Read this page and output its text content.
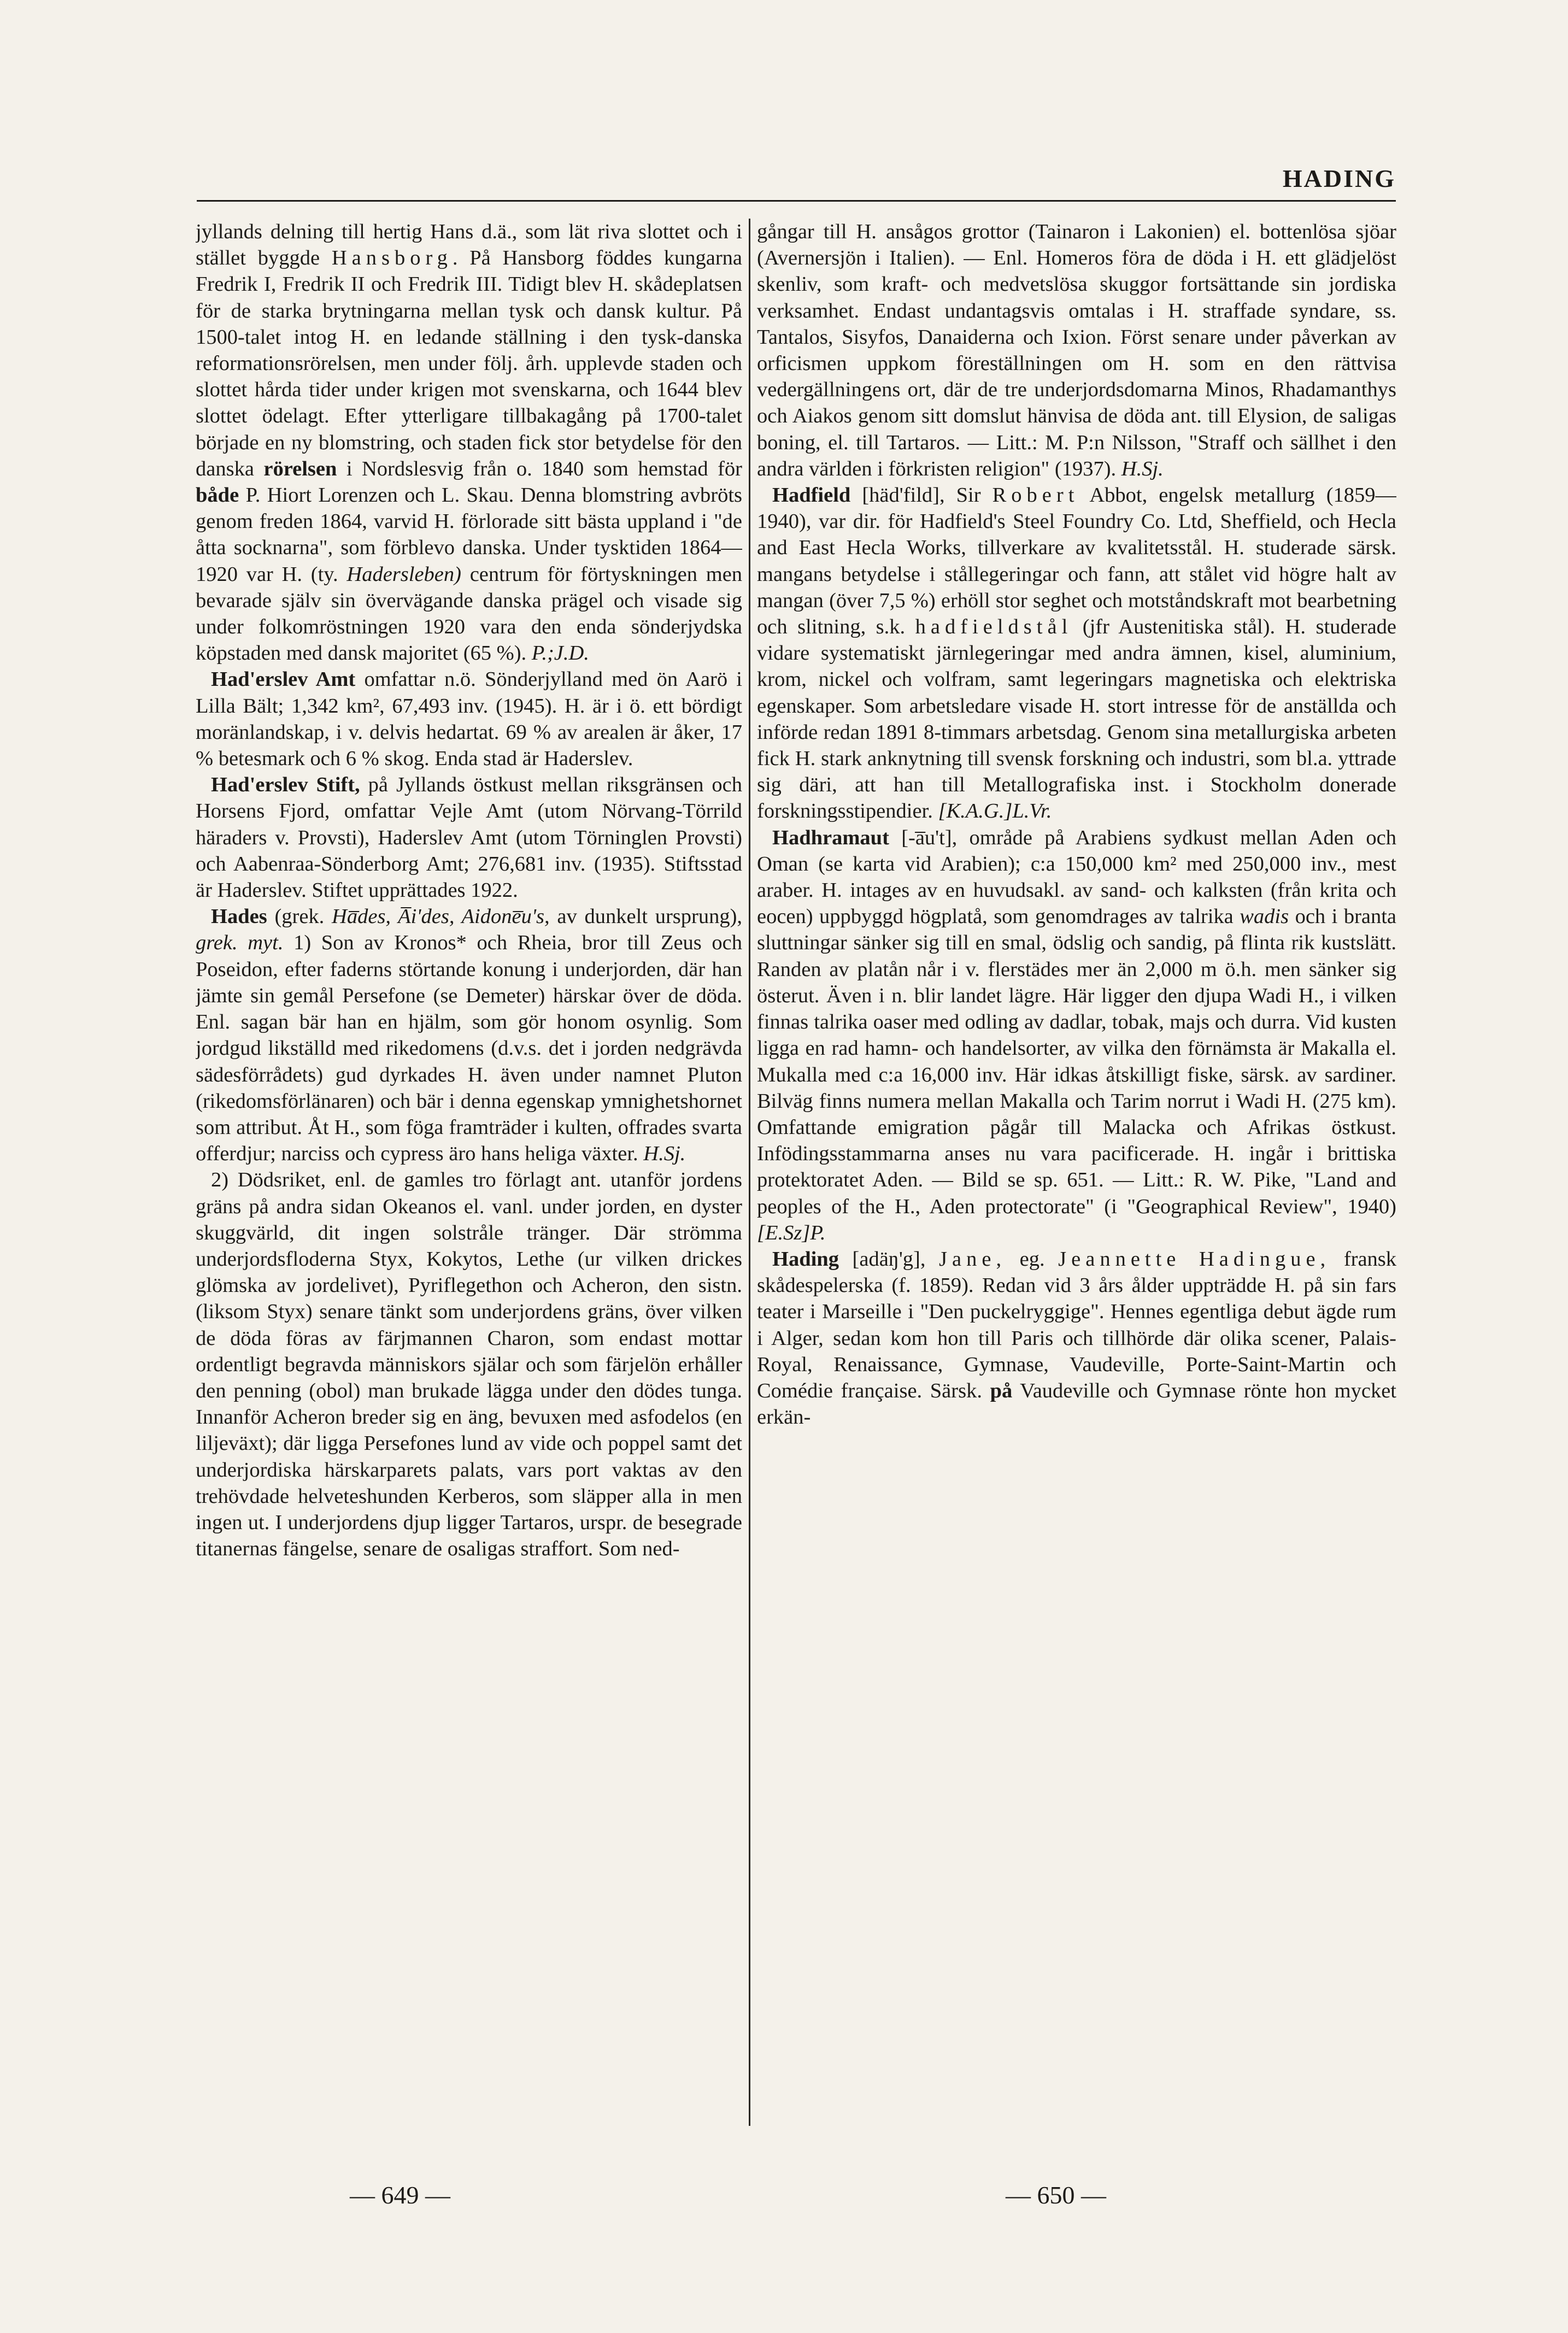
HADING

jyllands delning till hertig Hans d.ä., som lät riva slottet och i stället byggde Hansborg. På Hansborg föddes kungarna Fredrik I, Fredrik II och Fredrik III. Tidigt blev H. skådeplatsen för de starka brytningarna mellan tysk och dansk kultur. På 1500-talet intog H. en ledande ställning i den tysk-danska reformationsrörelsen, men under följ. årh. upplevde staden och slottet hårda tider under krigen mot svenskarna, och 1644 blev slottet ödelagt. Efter ytterligare tillbakagång på 1700-talet började en ny blomstring, och staden fick stor betydelse för den danska rörelsen i Nordslesvig från o. 1840 som hemstad för både P. Hiort Lorenzen och L. Skau. Denna blomstring avbröts genom freden 1864, varvid H. förlorade sitt bästa uppland i "de åtta socknarna", som förblevo danska. Under tysktiden 1864—1920 var H. (ty. Hadersleben) centrum för förtyskningen men bevarade själv sin övervägande danska prägel och visade sig under folkomröstningen 1920 vara den enda sönderjydska köpstaden med dansk majoritet (65 %). P.;J.D.

Had'erslev Amt omfattar n.ö. Sönderjylland med ön Aarö i Lilla Bält; 1,342 km², 67,493 inv. (1945). H. är i ö. ett bördigt moränlandskap, i v. delvis hedartat. 69 % av arealen är åker, 17 % betesmark och 6 % skog. Enda stad är Haderslev.

Had'erslev Stift, på Jyllands östkust mellan riksgränsen och Horsens Fjord, omfattar Vejle Amt (utom Nörvang-Törrild häraders v. Provsti), Haderslev Amt (utom Törninglen Provsti) och Aabenraa-Sönderborg Amt; 276,681 inv. (1935). Stiftsstad är Haderslev. Stiftet upprättades 1922.

Hades (grek. Ha̅des, A̅i'des, Aidone̅u's, av dunkelt ursprung), grek. myt. 1) Son av Kronos* och Rheia, bror till Zeus och Poseidon, efter faderns störtande konung i underjorden, där han jämte sin gemål Persefone (se Demeter) härskar över de döda. Enl. sagan bär han en hjälm, som gör honom osynlig. Som jordgud likställd med rikedomens (d.v.s. det i jorden nedgrävda sädesförrådets) gud dyrkades H. även under namnet Pluton (rikedomsförlänaren) och bär i denna egenskap ymnighetshornet som attribut. Åt H., som föga framträder i kulten, offrades svarta offerdjur; narciss och cypress äro hans heliga växter. H.Sj.

2) Dödsriket, enl. de gamles tro förlagt ant. utanför jordens gräns på andra sidan Okeanos el. vanl. under jorden, en dyster skuggvärld, dit ingen solstråle tränger. Där strömma underjordsfloderna Styx, Kokytos, Lethe (ur vilken drickes glömska av jordelivet), Pyriflegethon och Acheron, den sistn. (liksom Styx) senare tänkt som underjordens gräns, över vilken de döda föras av färjmannen Charon, som endast mottar ordentligt begravda människors själar och som färjelön erhåller den penning (obol) man brukade lägga under den dödes tunga. Innanför Acheron breder sig en äng, bevuxen med asfodelos (en liljeväxt); där ligga Persefones lund av vide och poppel samt det underjordiska härskarparets palats, vars port vaktas av den trehövdade helveteshunden Kerberos, som släpper alla in men ingen ut. I underjordens djup ligger Tartaros, urspr. de besegrade titanernas fängelse, senare de osaligas straffort. Som ned-

gångar till H. ansågos grottor (Tainaron i Lakonien) el. bottenlösa sjöar (Avernersjön i Italien). — Enl. Homeros föra de döda i H. ett glädjelöst skenliv, som kraft- och medvetslösa skuggor fortsättande sin jordiska verksamhet. Endast undantagsvis omtalas i H. straffade syndare, ss. Tantalos, Sisyfos, Danaiderna och Ixion. Först senare under påverkan av orficismen uppkom föreställningen om H. som en den rättvisa vedergällningens ort, där de tre underjordsdomarna Minos, Rhadamanthys och Aiakos genom sitt domslut hänvisa de döda ant. till Elysion, de saligas boning, el. till Tartaros. — Litt.: M. P:n Nilsson, "Straff och sällhet i den andra världen i förkristen religion" (1937). H.Sj.

Hadfield [häd'fild], Sir Robert Abbot, engelsk metallurg (1859—1940), var dir. för Hadfield's Steel Foundry Co. Ltd, Sheffield, och Hecla and East Hecla Works, tillverkare av kvalitetsstål. H. studerade särsk. mangans betydelse i stållegeringar och fann, att stålet vid högre halt av mangan (över 7,5 %) erhöll stor seghet och motståndskraft mot bearbetning och slitning, s.k. hadfieldstål (jfr Austenitiska stål). H. studerade vidare systematiskt järnlegeringar med andra ämnen, kisel, aluminium, krom, nickel och volfram, samt legeringars magnetiska och elektriska egenskaper. Som arbetsledare visade H. stort intresse för de anställda och införde redan 1891 8-timmars arbetsdag. Genom sina metallurgiska arbeten fick H. stark anknytning till svensk forskning och industri, som bl.a. yttrade sig däri, att han till Metallografiska inst. i Stockholm donerade forskningsstipendier. [K.A.G.]L.Vr.

Hadhramaut [-a̅u't], område på Arabiens sydkust mellan Aden och Oman (se karta vid Arabien); c:a 150,000 km² med 250,000 inv., mest araber. H. intages av en huvudsakl. av sand- och kalksten (från krita och eocen) uppbyggd högplatå, som genomdrages av talrika wadis och i branta sluttningar sänker sig till en smal, ödslig och sandig, på flinta rik kustslätt. Randen av platån når i v. flerstädes mer än 2,000 m ö.h. men sänker sig österut. Även i n. blir landet lägre. Här ligger den djupa Wadi H., i vilken finnas talrika oaser med odling av dadlar, tobak, majs och durra. Vid kusten ligga en rad hamn- och handelsorter, av vilka den förnämsta är Makalla el. Mukalla med c:a 16,000 inv. Här idkas åtskilligt fiske, särsk. av sardiner. Bilväg finns numera mellan Makalla och Tarim norrut i Wadi H. (275 km). Omfattande emigration pågår till Malacka och Afrikas östkust. Infödingsstammarna anses nu vara pacificerade. H. ingår i brittiska protektoratet Aden. — Bild se sp. 651. — Litt.: R. W. Pike, "Land and peoples of the H., Aden protectorate" (i "Geographical Review", 1940) [E.Sz]P.

Hading [adäŋ'g], Jane, eg. Jeannette Hadingue, fransk skådespelerska (f. 1859). Redan vid 3 års ålder uppträdde H. på sin fars teater i Marseille i "Den puckelryggige". Hennes egentliga debut ägde rum i Alger, sedan kom hon till Paris och tillhörde där olika scener, Palais-Royal, Renaissance, Gymnase, Vaudeville, Porte-Saint-Martin och Comédie française. Särsk. på Vaudeville och Gymnase rönte hon mycket erkän-

— 649 —	— 650 —
